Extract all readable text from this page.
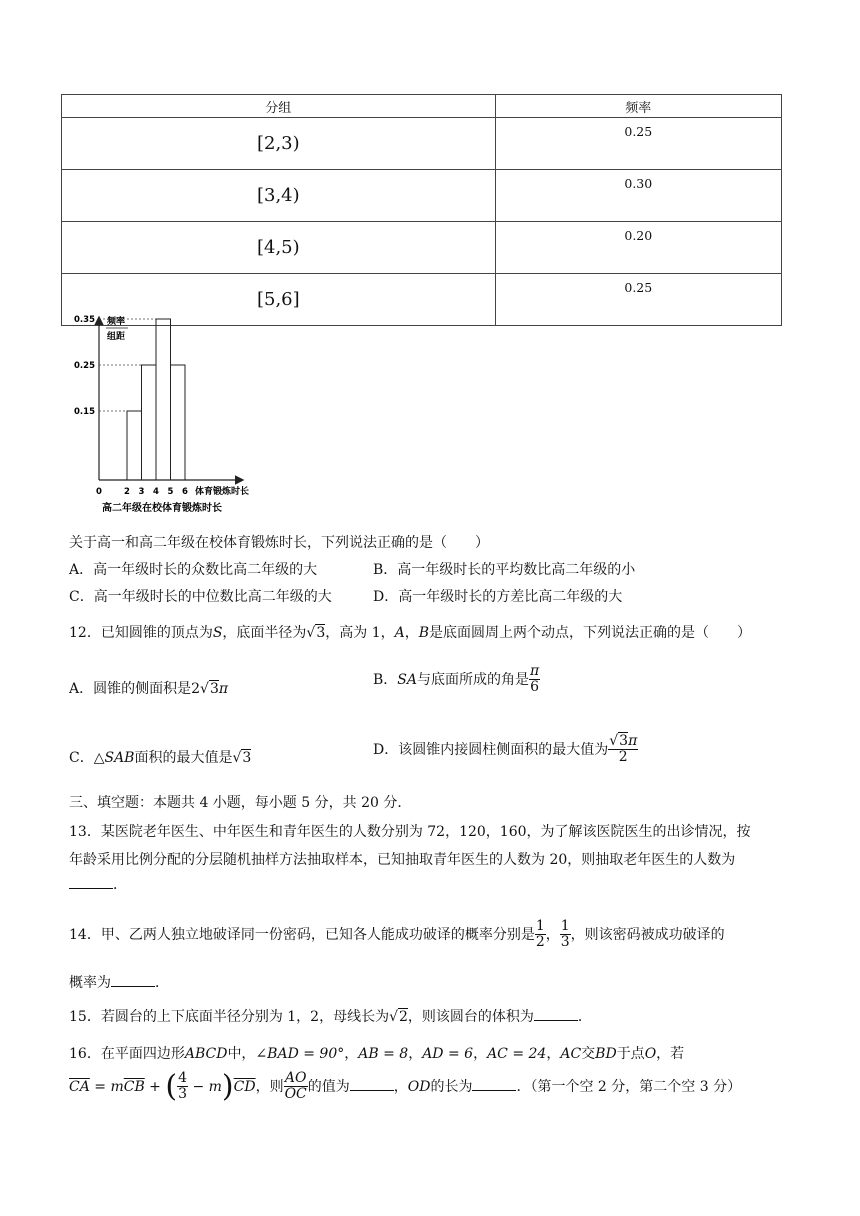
分组	频率
[2,3)	0.25
[3,4)	0.30
[4,5)	0.20
[5,6]	0.25
频率
组距
0.15
0.25
0.35
0	2 3 4 5 6 体育锻炼时长
高二年级在校体育锻炼时长
关于高一和高二年级在校体育锻炼时长，下列说法正确的是（　　）
A．高一年级时长的众数比高二年级的大	B．高一年级时长的平均数比高二年级的小
C．高一年级时长的中位数比高二年级的大	D．高一年级时长的方差比高二年级的大
12．已知圆锥的顶点为S，底面半径为√3，高为 1，A，B是底面圆周上两个动点，下列说法正确的是（　　）
A．圆锥的侧面积是2√3π
B．SA与底面所成的角是 $\frac{\pi}{6}$
C．△SAB面积的最大值是√3
D．该圆锥内接圆柱侧面积的最大值为 $\frac{√3\pi}{2}$
三、填空题：本题共 4 小题，每小题 5 分，共 20 分．
13．某医院老年医生、中年医生和青年医生的人数分别为 72，120，160，为了解该医院医生的出诊情况，按
年龄采用比例分配的分层随机抽样方法抽取样本，已知抽取青年医生的人数为 20，则抽取老年医生的人数为
．
14．甲、乙两人独立地破译同一份密码，已知各人能成功破译的概率分别是 $\frac{1}{2}$ ， $\frac{1}{3}$ ，则该密码被成功破译的
概率为	．
15．若圆台的上下底面半径分别为 1，2，母线长为√2，则该圆台的体积为	．
16．在平面四边形ABCD中，∠BAD = 90°，AB = 8，AD = 6，AC = 24，AC交BD于点O，若
$\overline{CA} = m\overline{CB}$ + ( $\frac{4}{3} - m)\overline{CD}$，则 $\frac{AO}{OC}$ 的值为	，OD的长为	．（第一个空 2 分，第二个空 3 分）
